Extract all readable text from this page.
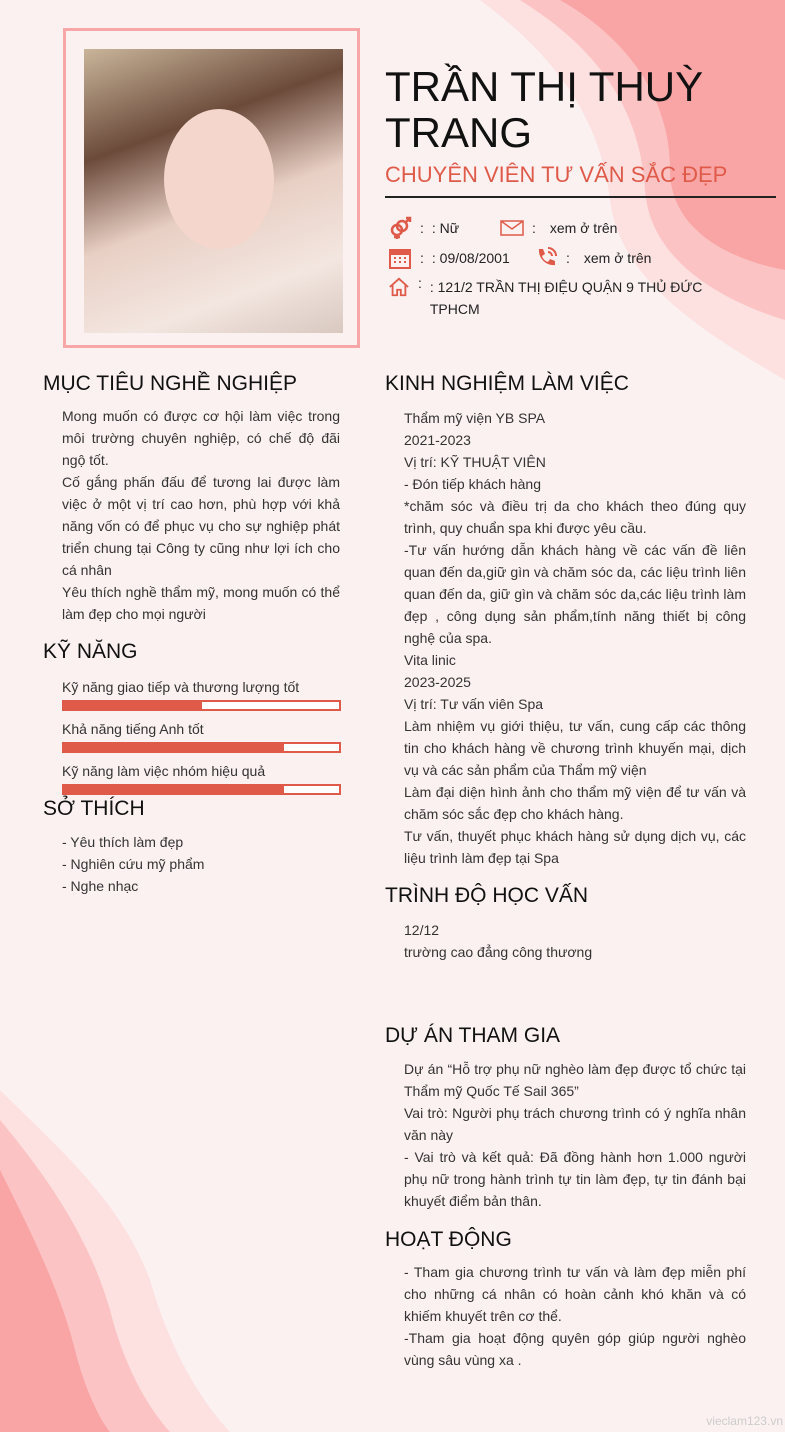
TRẦN THỊ THUỲ TRANG
CHUYÊN VIÊN TƯ VẤN SẮC ĐẸP
: : Nữ	: xem ở trên
: : 09/08/2001	: xem ở trên
: : 121/2 TRẦN THỊ ĐIỆU QUẬN 9 THỦ ĐỨC TPHCM
MỤC TIÊU NGHỀ NGHIỆP
Mong muốn có được cơ hội làm việc trong môi trường chuyên nghiệp, có chế độ đãi ngộ tốt.
Cố gắng phấn đấu để tương lai được làm việc ở một vị trí cao hơn, phù hợp với khả năng vốn có để phục vụ cho sự nghiệp phát triển chung tại Công ty cũng như lợi ích cho cá nhân
Yêu thích nghề thẩm mỹ, mong muốn có thể làm đẹp cho mọi người
KỸ NĂNG
Kỹ năng giao tiếp và thương lượng tốt
Khả năng tiếng Anh tốt
Kỹ năng làm việc nhóm hiệu quả
SỞ THÍCH
- Yêu thích làm đẹp
- Nghiên cứu mỹ phẩm
- Nghe nhạc
KINH NGHIỆM LÀM VIỆC
Thẩm mỹ viện YB SPA
2021-2023
Vị trí: KỸ THUẬT VIÊN
- Đón tiếp khách hàng
*chăm sóc và điều trị da cho khách theo đúng quy trình, quy chuẩn spa khi được yêu cầu.
-Tư vấn hướng dẫn khách hàng về các vấn đề liên quan đến da,giữ gìn và chăm sóc da, các liệu trình liên quan đến da, giữ gìn và chăm sóc da,các liệu trình làm đẹp , công dụng sản phẩm,tính năng thiết bị công nghệ của spa.
Vita linic
2023-2025
Vị trí: Tư vấn viên Spa
Làm nhiệm vụ giới thiệu, tư vấn, cung cấp các thông tin cho khách hàng về chương trình khuyến mại, dịch vụ và các sản phẩm của Thẩm mỹ viện
Làm đại diện hình ảnh cho thẩm mỹ viện để tư vấn và chăm sóc sắc đẹp cho khách hàng.
Tư vấn, thuyết phục khách hàng sử dụng dịch vụ, các liệu trình làm đẹp tại Spa
TRÌNH ĐỘ HỌC VẤN
12/12
trường cao đẳng công thương
DỰ ÁN THAM GIA
Dự án “Hỗ trợ phụ nữ nghèo làm đẹp được tổ chức tại Thẩm mỹ Quốc Tế Sail 365”
Vai trò: Người phụ trách chương trình có ý nghĩa nhân văn này
- Vai trò và kết quả: Đã đồng hành hơn 1.000 người phụ nữ trong hành trình tự tin làm đẹp, tự tin đánh bại khuyết điểm bản thân.
HOẠT ĐỘNG
- Tham gia chương trình tư vấn và làm đẹp miễn phí cho những cá nhân có hoàn cảnh khó khăn và có khiếm khuyết trên cơ thể.
-Tham gia hoạt động quyên góp giúp người nghèo vùng sâu vùng xa .
vieclam123.vn
